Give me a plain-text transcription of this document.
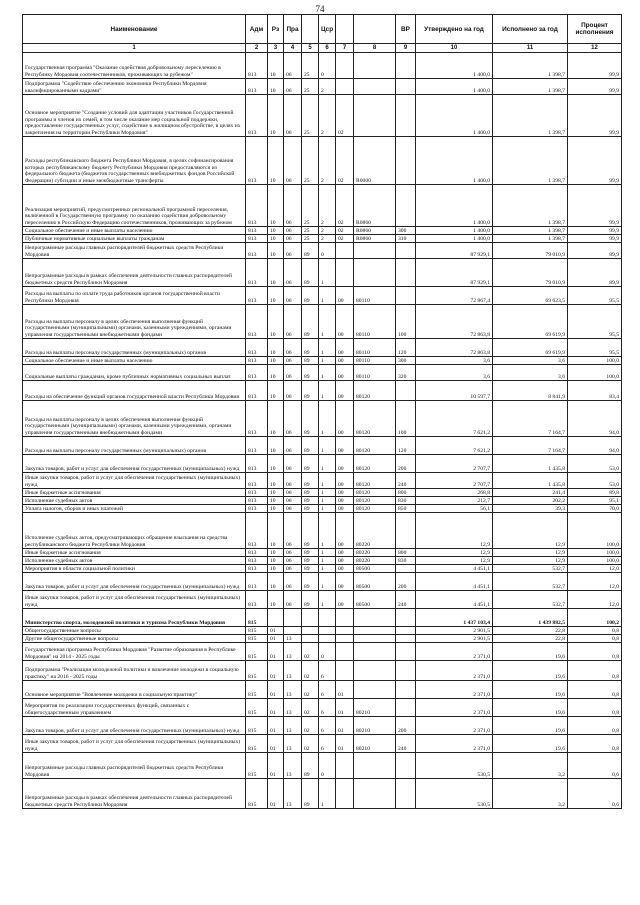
74
Наименование	Адм	Рз	Пра		Цср			ВР	Утверждено на год	Исполнено за год	Процент исполнения
1	2	3	4	5	6	7	8	9	10	11	12
Государственная программа "Оказание содействия добровольному переселению в Республику Мордовия соотечественников, проживающих за рубежом"	813	10	06	25	0				1 400,0	1 398,7	99,9
Подпрограмма "Содействие обеспечению экономики Республики Мордовия квалифицированными кадрами"	813	10	06	25	2				1 400,0	1 398,7	99,9
Основное мероприятие "Создание условий для адаптации участников Государственной программы и членов их семей, в том числе оказание мер социальной поддержки, предоставление государственных услуг, содействие в жилищном обустройстве, в целях их закрепления на территории Республики Мордовия"	813	10	06	25	2	02			1 400,0	1 398,7	99,9
Расходы республиканского бюджета Республики Мордовия, в целях софинансирования которых республиканскому бюджету Республики Мордовия предоставляются из федерального бюджета (бюджетов государственных внебюджетных фондов Российской Федерации) субсидии и иные межбюджетные трансферты	813	10	06	25	2	02	R0000		1 400,0	1 398,7	99,9
Реализация мероприятий, предусмотренных региональной программой переселения, включенной в Государственную программу по оказанию содействия добровольному переселению в Российскую Федерацию соотечественников, проживающих за рубежом	813	10	06	25	2	02	R0860		1 400,0	1 398,7	99,9
Социальное обеспечение и иные выплаты населению	813	10	06	25	2	02	R0860	300	1 400,0	1 398,7	99,9
Публичные нормативные социальные выплаты гражданам	813	10	06	25	2	02	R0860	310	1 400,0	1 398,7	99,9
Непрограммные расходы главных распорядителей бюджетных средств Республики Мордовия	813	10	06	89	0				87 929,1	79 010,9	89,9
Непрограммные расходы в рамках обеспечения деятельности главных распорядителей бюджетных средств Республики Мордовия	813	10	06	89	1				87 929,1	79 010,9	89,9
Расходы на выплаты по оплате труда работников органов государственной власти Республики Мордовия	813	10	06	89	1	00	80110		72 867,4	69 623,5	95,5
Расходы на выплаты персоналу в целях обеспечения выполнения функций государственными (муниципальными) органами, казенными учреждениями, органами управления государственными внебюджетными фондами	813	10	06	89	1	00	80110	100	72 863,8	69 619,9	95,5
Расходы на выплаты персоналу государственных (муниципальных) органов	813	10	06	89	1	00	80110	120	72 863,8	69 619,9	95,5
Социальное обеспечение и иные выплаты населению	813	10	06	89	1	00	80110	300	3,6	3,6	100,0
Социальные выплаты гражданам, кроме публичных нормативных социальных выплат	813	10	06	89	1	00	80110	320	3,6	3,6	100,0
Расходы на обеспечение функций органов государственной власти Республики Мордовия	813	10	06	89	1	00	80120		10 597,7	8 841,9	83,4
Расходы на выплаты персоналу в целях обеспечения выполнения функций государственными (муниципальными) органами, казенными учреждениями, органами управления государственными внебюджетными фондами	813	10	06	89	1	00	80120	100	7 621,2	7 164,7	94,0
Расходы на выплаты персоналу государственных (муниципальных) органов	813	10	06	89	1	00	80120	120	7 621,2	7 164,7	94,0
Закупка товаров, работ и услуг для обеспечения государственных (муниципальных) нужд	813	10	06	89	1	00	80120	200	2 707,7	1 435,8	53,0
Иные закупки товаров, работ и услуг для обеспечения государственных (муниципальных) нужд	813	10	06	89	1	00	80120	240	2 707,7	1 435,8	53,0
Иные бюджетные ассигнования	813	10	06	89	1	00	80120	800	268,8	241,4	89,8
Исполнение судебных актов	813	10	06	89	1	00	80120	830	212,7	202,2	95,1
Уплата налогов, сборов и иных платежей	813	10	06	89	1	00	80120	850	56,1	39,3	70,0
Исполнение судебных актов, предусматривающих обращение взыскания на средства республиканского бюджета Республики Мордовия	813	10	06	89	1	00	80220		12,9	12,9	100,0
Иные бюджетные ассигнования	813	10	06	89	1	00	80220	800	12,9	12,9	100,0
Исполнение судебных актов	813	10	06	89	1	00	80220	830	12,9	12,9	100,0
Мероприятия в области социальной политики	813	10	06	89	1	00	80500		4 451,1	532,7	12,0
Закупка товаров, работ и услуг для обеспечения государственных (муниципальных) нужд	813	10	06	89	1	00	80500	200	4 451,1	532,7	12,0
Иные закупки товаров, работ и услуг для обеспечения государственных (муниципальных) нужд	813	10	06	89	1	00	80500	240	4 451,1	532,7	12,0
Министерство спорта, молодежной политики и туризма Республики Мордовия	815								1 437 103,4	1 439 882,5	100,2
Общегосударственные вопросы	815	01							2 901,5	22,8	0,8
Другие общегосударственные вопросы	815	01	13						2 901,5	22,8	0,8
Государственная программа Республики Мордовия "Развитие образования в Республике Мордовия" на 2014 - 2025 годы	815	01	13	02	0				2 371,0	19,6	0,8
Подпрограмма "Реализация молодежной политики и вовлечение молодежи в социальную практику" на 2016 - 2025 годы	815	01	13	02	6				2 371,0	19,6	0,8
Основное мероприятие "Вовлечение молодежи в социальную практику"	815	01	13	02	6	01			2 371,0	19,6	0,8
Мероприятия по реализации государственных функций, связанных с общегосударственным управлением	815	01	13	02	6	01	80210		2 371,0	19,6	0,8
Закупка товаров, работ и услуг для обеспечения государственных (муниципальных) нужд	815	01	13	02	6	01	80210	200	2 371,0	19,6	0,8
Иные закупки товаров, работ и услуг для обеспечения государственных (муниципальных) нужд	815	01	13	02	6	01	80210	240	2 371,0	19,6	0,8
Непрограммные расходы главных распорядителей бюджетных средств Республики Мордовия	815	01	13	89	0				530,5	3,2	0,6
Непрограммные расходы в рамках обеспечения деятельности главных распорядителей бюджетных средств Республики Мордовия	815	01	13	89	1				530,5	3,2	0,6
